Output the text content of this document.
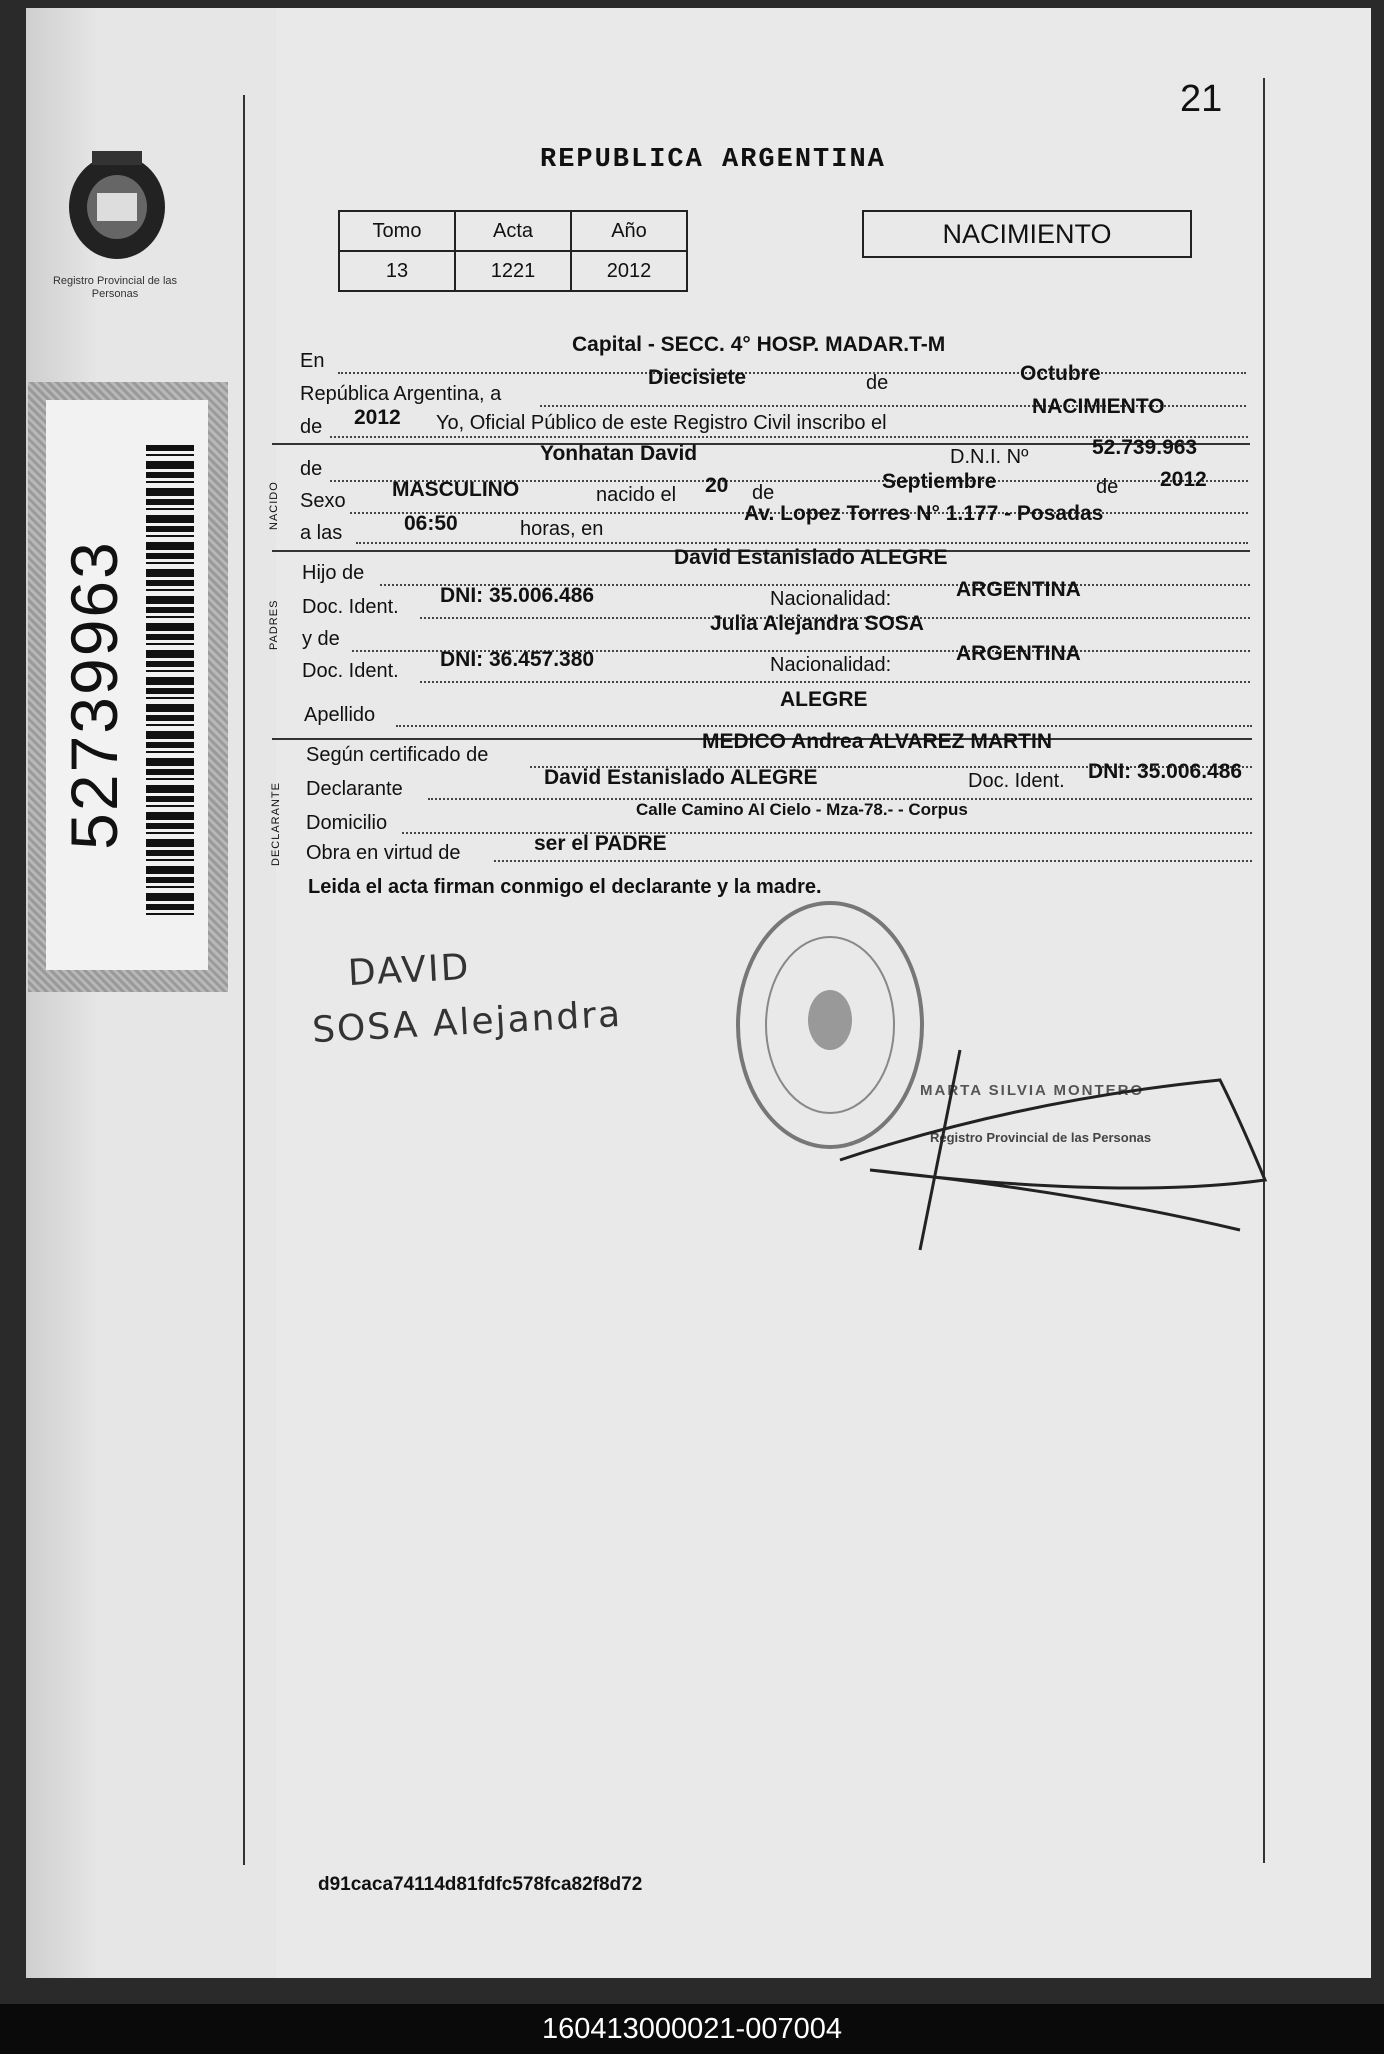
Registro Provincial de las Personas
52739963
21
REPUBLICA ARGENTINA
Tomo	Acta	Año
13	1221	2012
NACIMIENTO
En
Capital - SECC. 4° HOSP. MADAR.T-M
República Argentina, a
Diecisiete	de	Octubre
de 2012 Yo, Oficial Público de este Registro Civil inscribo el
NACIMIENTO
NACIDO
PADRES
DECLARANTE
de
Yonhatan David	D.N.I. Nº	52.739.963
Sexo MASCULINO	nacido el 20 de	Septiembre	de 2012
a las	06:50	horas, en
Av. Lopez Torres N° 1.177 - Posadas
Hijo de
David Estanislado ALEGRE
Doc. Ident. DNI: 35.006.486	Nacionalidad:	ARGENTINA
y de
Julia Alejandra SOSA
Doc. Ident. DNI: 36.457.380	Nacionalidad:	ARGENTINA
Apellido
ALEGRE
Según certificado de
MEDICO Andrea ALVAREZ MARTIN
Declarante	David Estanislado ALEGRE	Doc. Ident. DNI: 35.006.486
Domicilio
Calle Camino Al Cielo - Mza-78.- - Corpus
Obra en virtud de	ser el PADRE
Leida el acta firman conmigo el declarante y la madre.
DAVID
SOSA Alejandra
MARTA SILVIA MONTERO
Registro Provincial de las Personas
d91caca74114d81fdfc578fca82f8d72
160413000021-007004
